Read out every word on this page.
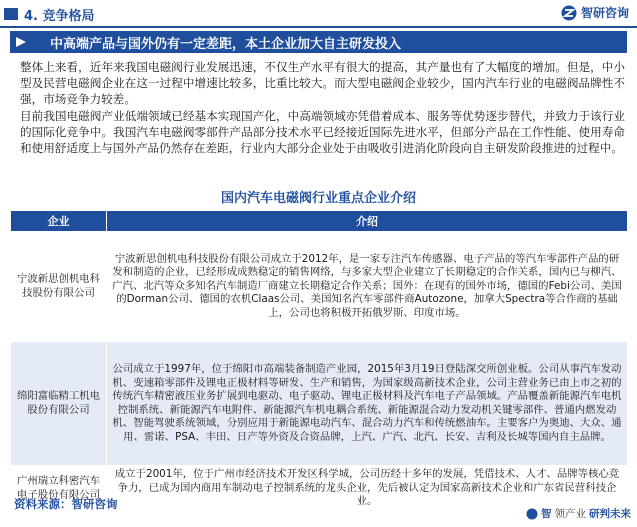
4. 竞争格局	智研咨询
中高端产品与国外仍有一定差距，本土企业加大自主研发投入
整体上来看，近年来我国电磁阀行业发展迅速，不仅生产水平有很大的提高，其产量也有了大幅度的增加。但是，中小型及民营电磁阀企业在这一过程中增速比较多，比重比较大。而大型电磁阀企业较少，国内汽车行业的电磁阀品牌性不强，市场竞争力较差。
目前我国电磁阀产业低端领域已经基本实现国产化，中高端领域亦凭借着成本、服务等优势逐步替代，并致力于该行业的国际化竞争中。我国汽车电磁阀零部件产品部分技术水平已经接近国际先进水平，但部分产品在工作性能、使用寿命和使用舒适度上与国外产品仍然存在差距，行业内大部分企业处于由吸收引进消化阶段向自主研发阶段推进的过程中。
国内汽车电磁阀行业重点企业介绍
企业	介绍
宁波新思创机电科技股份有限公司	宁波新思创机电科技股份有限公司成立于2012年，是一家专注汽车传感器、电子产品的等汽车零部件产品的研发和制造的企业，已经形成成熟稳定的销售网络，与多家大型企业建立了长期稳定的合作关系，国内已与柳汽、广汽、北汽等众多知名汽车制造厂商建立长期稳定合作关系；国外：在现有的国外市场，德国的Febi公司、美国的Dorman公司、德国的农机Claas公司、美国知名汽车零部件商Autozone，加拿大Spectra等合作商的基础上，公司也将积极开拓俄罗斯、印度市场。
绵阳富临精工机电股份有限公司	公司成立于1997年，位于绵阳市高端装备制造产业园，2015年3月19日登陆深交所创业板。公司从事汽车发动机、变速箱零部件及锂电正极材料等研发、生产和销售，为国家级高新技术企业，公司主营业务已由上市之初的传统汽车精密液压业务扩展到电驱动、电子驱动、锂电正极材料及汽车电子产品领域。产品覆盖新能源汽车电机控制系统、新能源汽车电附件、新能源汽车机电耦合系统、新能源混合动力发动机关键零部件、普通内燃发动机、智能驾驶系统领域，分别应用于新能源电动汽车、混合动力汽车和传统燃油车。主要客户为奥迪、大众、通用、雷诺、PSA、丰田、日产等外资及合资品牌，上汽、广汽、北汽、长安、吉利及长城等国内自主品牌。
广州瑞立科密汽车电子股份有限公司	成立于2001年，位于广州市经济技术开发区科学城，公司历经十多年的发展，凭借技术、人才、品牌等核心竞争力，已成为国内商用车制动电子控制系统的龙头企业，先后被认定为国家高新技术企业和广东省民营科技企业。
资料来源：智研咨询
智 领产业 研判未来
